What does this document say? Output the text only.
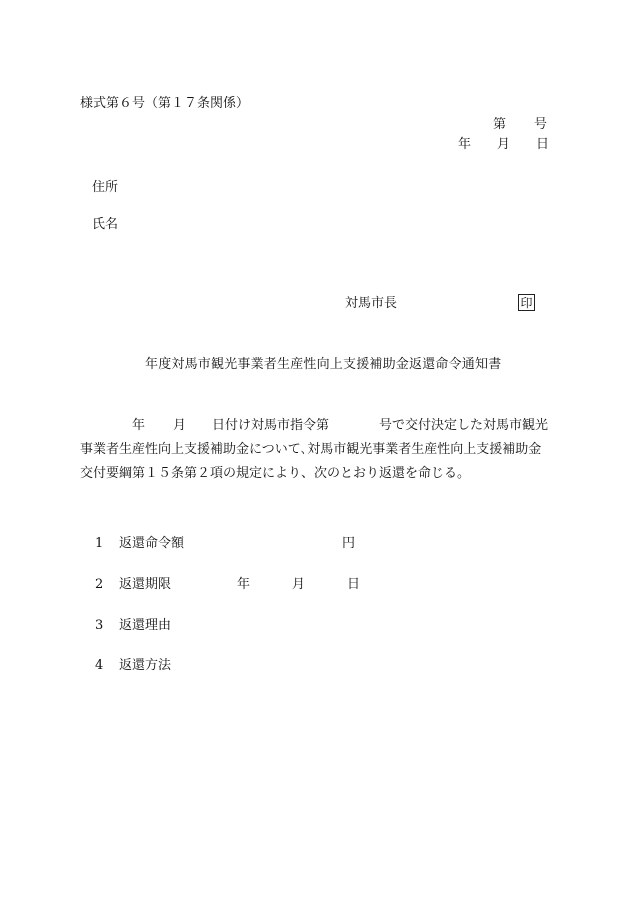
様式第６号（第１７条関係）
第 号
年 月 日
住所
氏名
対馬市長	印
年度対馬市観光事業者生産性向上支援補助金返還命令通知書
年 月 日付け対馬市指令第	号で交付決定した対馬市観光
事業者生産性向上支援補助金について､対馬市観光事業者生産性向上支援補助金
交付要綱第１５条第２項の規定により、次のとおり返還を命じる。
1 返還命令額	円
2 返還期限	年	月	日
3 返還理由
4 返還方法
